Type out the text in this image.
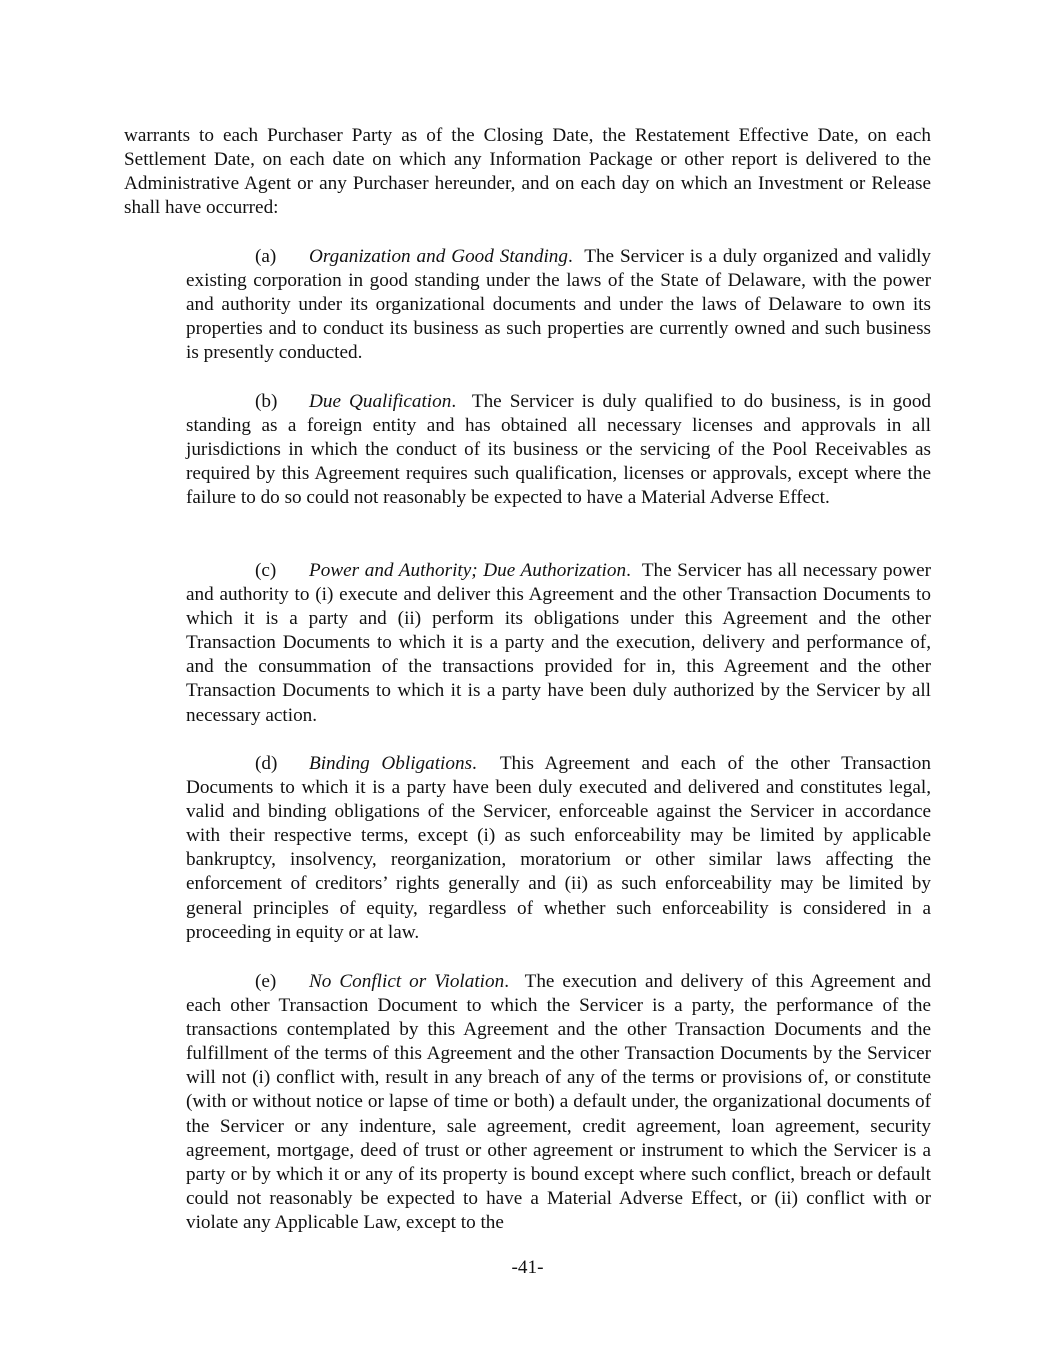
warrants to each Purchaser Party as of the Closing Date, the Restatement Effective Date, on each Settlement Date, on each date on which any Information Package or other report is delivered to the Administrative Agent or any Purchaser hereunder, and on each day on which an Investment or Release shall have occurred:

(a) Organization and Good Standing.  The Servicer is a duly organized and validly existing corporation in good standing under the laws of the State of Delaware, with the power and authority under its organizational documents and under the laws of Delaware to own its properties and to conduct its business as such properties are currently owned and such business is presently conducted.

(b) Due Qualification.  The Servicer is duly qualified to do business, is in good standing as a foreign entity and has obtained all necessary licenses and approvals in all jurisdictions in which the conduct of its business or the servicing of the Pool Receivables as required by this Agreement requires such qualification, licenses or approvals, except where the failure to do so could not reasonably be expected to have a Material Adverse Effect.

(c) Power and Authority; Due Authorization.  The Servicer has all necessary power and authority to (i) execute and deliver this Agreement and the other Transaction Documents to which it is a party and (ii) perform its obligations under this Agreement and the other Transaction Documents to which it is a party and the execution, delivery and performance of, and the consummation of the transactions provided for in, this Agreement and the other Transaction Documents to which it is a party have been duly authorized by the Servicer by all necessary action.

(d) Binding Obligations.  This Agreement and each of the other Transaction Documents to which it is a party have been duly executed and delivered and constitutes legal, valid and binding obligations of the Servicer, enforceable against the Servicer in accordance with their respective terms, except (i) as such enforceability may be limited by applicable bankruptcy, insolvency, reorganization, moratorium or other similar laws affecting the enforcement of creditors’ rights generally and (ii) as such enforceability may be limited by general principles of equity, regardless of whether such enforceability is considered in a proceeding in equity or at law.

(e) No Conflict or Violation.  The execution and delivery of this Agreement and each other Transaction Document to which the Servicer is a party, the performance of the transactions contemplated by this Agreement and the other Transaction Documents and the fulfillment of the terms of this Agreement and the other Transaction Documents by the Servicer will not (i) conflict with, result in any breach of any of the terms or provisions of, or constitute (with or without notice or lapse of time or both) a default under, the organizational documents of the Servicer or any indenture, sale agreement, credit agreement, loan agreement, security agreement, mortgage, deed of trust or other agreement or instrument to which the Servicer is a party or by which it or any of its property is bound except where such conflict, breach or default could not reasonably be expected to have a Material Adverse Effect, or (ii) conflict with or violate any Applicable Law, except to the

-41-
